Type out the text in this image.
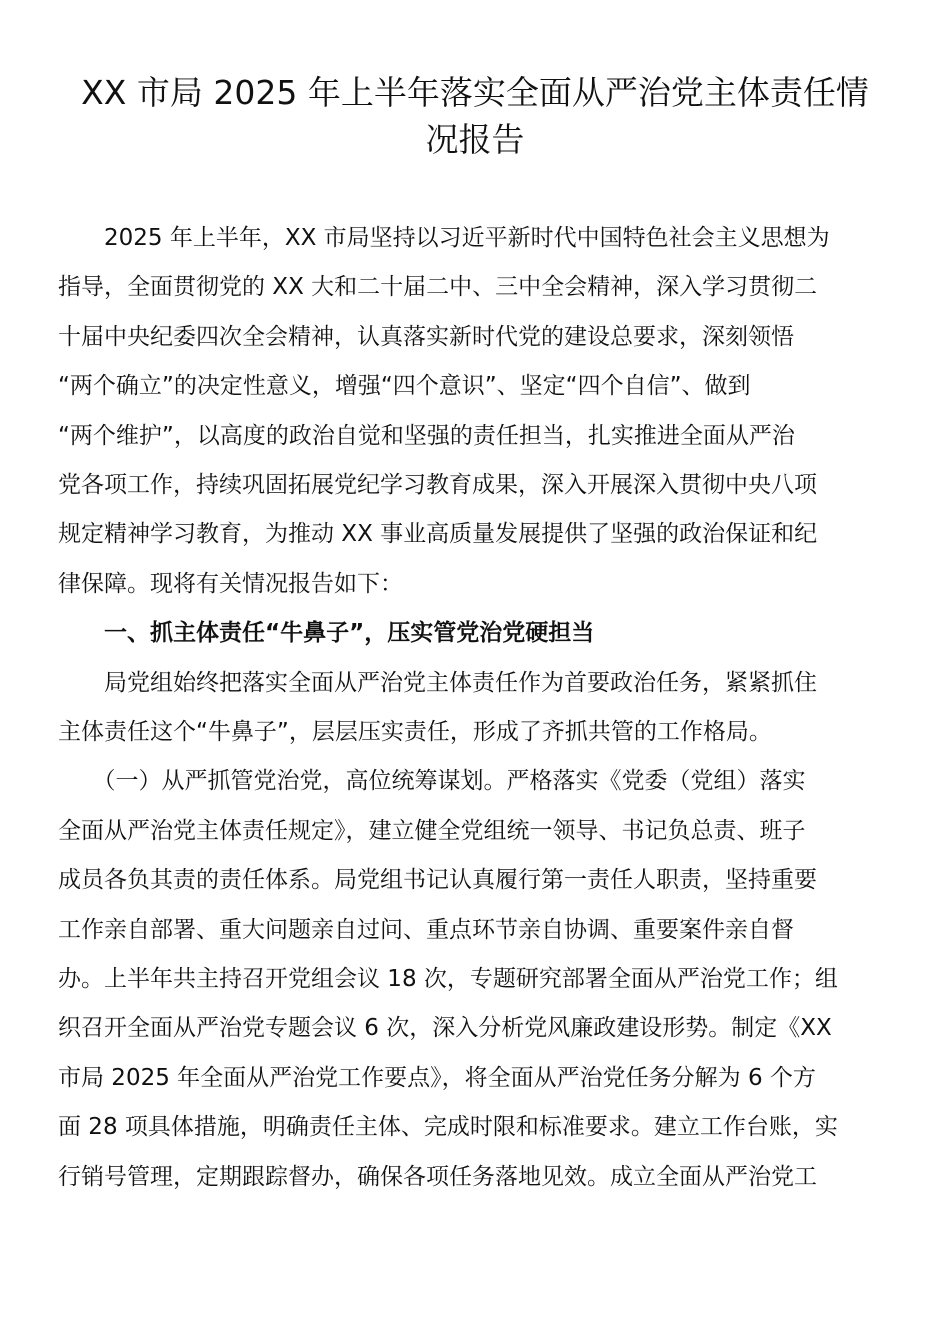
XX 市局 2025 年上半年落实全面从严治党主体责任情
况报告
　　2025 年上半年，XX 市局坚持以习近平新时代中国特色社会主义思想为
指导，全面贯彻党的 XX 大和二十届二中、三中全会精神，深入学习贯彻二
十届中央纪委四次全会精神，认真落实新时代党的建设总要求，深刻领悟
“两个确立”的决定性意义，增强“四个意识”、坚定“四个自信”、做到
“两个维护”，以高度的政治自觉和坚强的责任担当，扎实推进全面从严治
党各项工作，持续巩固拓展党纪学习教育成果，深入开展深入贯彻中央八项
规定精神学习教育，为推动 XX 事业高质量发展提供了坚强的政治保证和纪
律保障。现将有关情况报告如下：
　　一、抓主体责任“牛鼻子”，压实管党治党硬担当
　　局党组始终把落实全面从严治党主体责任作为首要政治任务，紧紧抓住
主体责任这个“牛鼻子”，层层压实责任，形成了齐抓共管的工作格局。
　　（一）从严抓管党治党，高位统筹谋划。严格落实《党委（党组）落实
全面从严治党主体责任规定》，建立健全党组统一领导、书记负总责、班子
成员各负其责的责任体系。局党组书记认真履行第一责任人职责，坚持重要
工作亲自部署、重大问题亲自过问、重点环节亲自协调、重要案件亲自督
办。上半年共主持召开党组会议 18 次，专题研究部署全面从严治党工作；组
织召开全面从严治党专题会议 6 次，深入分析党风廉政建设形势。制定《XX
市局 2025 年全面从严治党工作要点》，将全面从严治党任务分解为 6 个方
面 28 项具体措施，明确责任主体、完成时限和标准要求。建立工作台账，实
行销号管理，定期跟踪督办，确保各项任务落地见效。成立全面从严治党工
